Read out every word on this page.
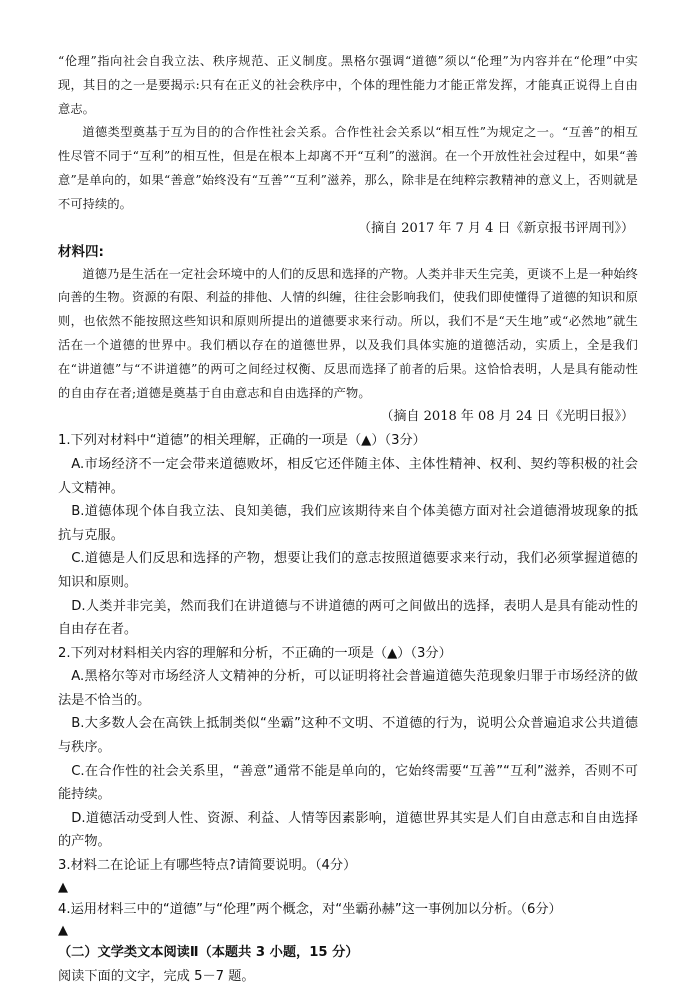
“伦理”指向社会自我立法、秩序规范、正义制度。黑格尔强调“道德”须以“伦理”为内容并在“伦理”中实现，其目的之一是要揭示:只有在正义的社会秩序中，个体的理性能力才能正常发挥，才能真正说得上自由意志。

道德类型奠基于互为目的的合作性社会关系。合作性社会关系以“相互性”为规定之一。“互善”的相互性尽管不同于“互利”的相互性，但是在根本上却离不开“互利”的滋润。在一个开放性社会过程中，如果“善意”是单向的，如果“善意”始终没有“互善”“互利”滋养，那么，除非是在纯粹宗教精神的意义上，否则就是不可持续的。

（摘自 2017 年 7 月 4 日《新京报书评周刊》）

材料四:

道德乃是生活在一定社会环境中的人们的反思和选择的产物。人类并非天生完美，更谈不上是一种始终向善的生物。资源的有限、利益的排他、人情的纠缠，往往会影响我们，使我们即使懂得了道德的知识和原则，也依然不能按照这些知识和原则所提出的道德要求来行动。所以，我们不是“天生地”或“必然地”就生活在一个道德的世界中。我们栖以存在的道德世界，以及我们具体实施的道德活动，实质上，全是我们在“讲道德”与“不讲道德”的两可之间经过权衡、反思而选择了前者的后果。这恰恰表明，人是具有能动性的自由存在者;道德是奠基于自由意志和自由选择的产物。

（摘自 2018 年 08 月 24 日《光明日报》）

1.下列对材料中“道德”的相关理解，正确的一项是（▲）（3分）

A.市场经济不一定会带来道德败坏，相反它还伴随主体、主体性精神、权利、契约等积极的社会人文精神。

B.道德体现个体自我立法、良知美德，我们应该期待来自个体美德方面对社会道德滑坡现象的抵抗与克服。

C.道德是人们反思和选择的产物，想要让我们的意志按照道德要求来行动，我们必须掌握道德的知识和原则。

D.人类并非完美，然而我们在讲道德与不讲道德的两可之间做出的选择，表明人是具有能动性的自由存在者。

2.下列对材料相关内容的理解和分析，不正确的一项是（▲）（3分）

A.黑格尔等对市场经济人文精神的分析，可以证明将社会普遍道德失范现象归罪于市场经济的做法是不恰当的。

B.大多数人会在高铁上抵制类似“坐霸”这种不文明、不道德的行为，说明公众普遍追求公共道德与秩序。

C.在合作性的社会关系里，“善意”通常不能是单向的，它始终需要“互善”“互利”滋养，否则不可能持续。

D.道德活动受到人性、资源、利益、人情等因素影响，道德世界其实是人们自由意志和自由选择的产物。

3.材料二在论证上有哪些特点?请简要说明。（4分）

▲

4.运用材料三中的“道德”与“伦理”两个概念，对“坐霸孙赫”这一事例加以分析。（6分）

▲
（二）文学类文本阅读Ⅱ（本题共 3 小题，15 分）

阅读下面的文字，完成 5－7 题。
